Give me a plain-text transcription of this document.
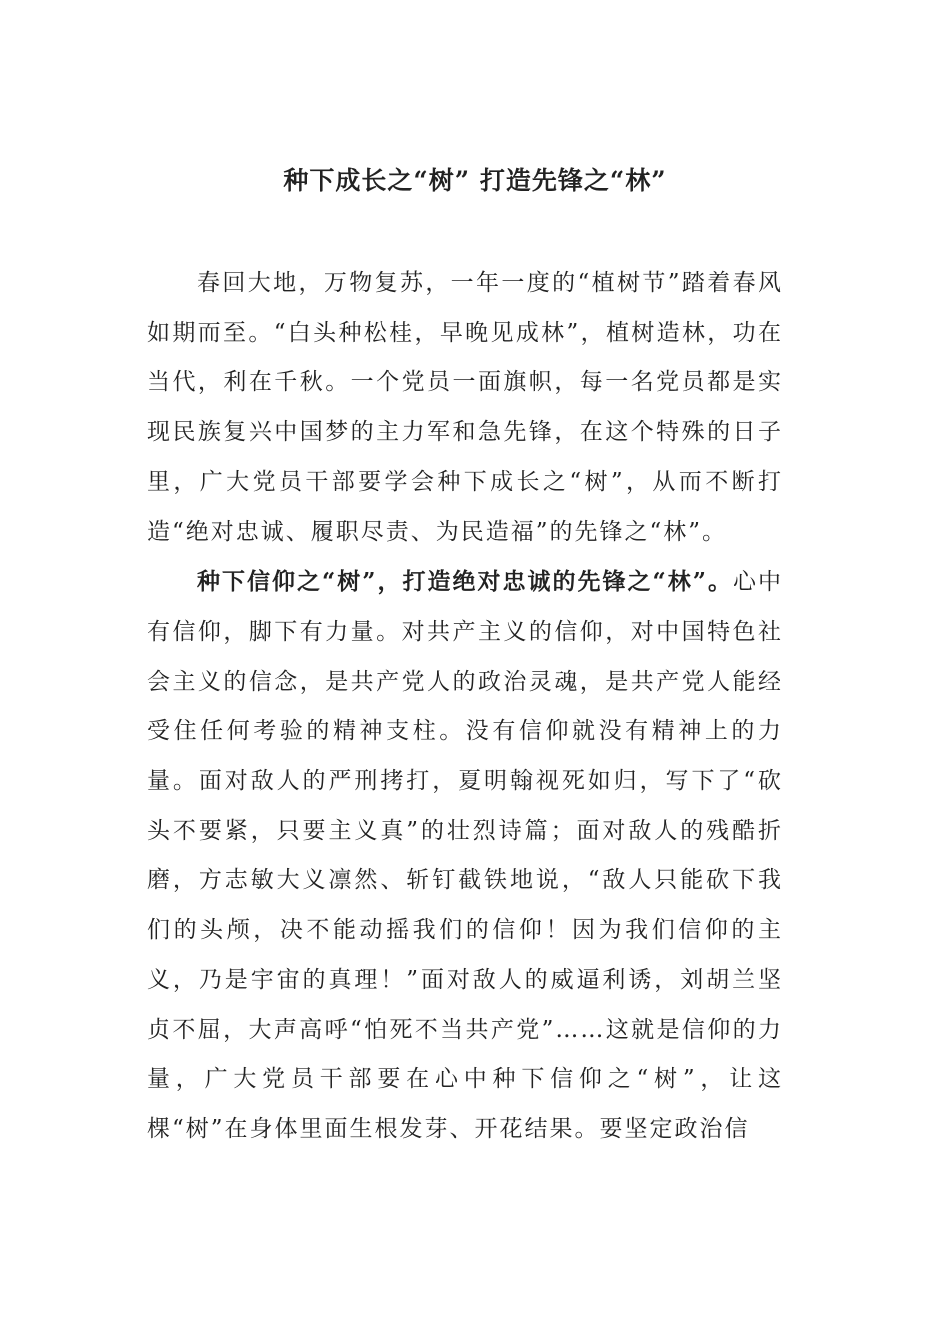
种下成长之“树” 打造先锋之“林”

春回大地，万物复苏，一年一度的“植树节”踏着春风如期而至。“白头种松桂，早晚见成林”，植树造林，功在当代，利在千秋。一个党员一面旗帜，每一名党员都是实现民族复兴中国梦的主力军和急先锋，在这个特殊的日子里，广大党员干部要学会种下成长之“树”，从而不断打造“绝对忠诚、履职尽责、为民造福”的先锋之“林”。

种下信仰之“树”，打造绝对忠诚的先锋之“林”。心中有信仰，脚下有力量。对共产主义的信仰，对中国特色社会主义的信念，是共产党人的政治灵魂，是共产党人能经受住任何考验的精神支柱。没有信仰就没有精神上的力量。面对敌人的严刑拷打，夏明翰视死如归，写下了“砍头不要紧，只要主义真”的壮烈诗篇；面对敌人的残酷折磨，方志敏大义凛然、斩钉截铁地说，“敌人只能砍下我们的头颅，决不能动摇我们的信仰！因为我们信仰的主义，乃是宇宙的真理！”面对敌人的威逼利诱，刘胡兰坚贞不屈，大声高呼“怕死不当共产党”……这就是信仰的力量，广大党员干部要在心中种下信仰之“树”，让这棵“树”在身体里面生根发芽、开花结果。要坚定政治信
